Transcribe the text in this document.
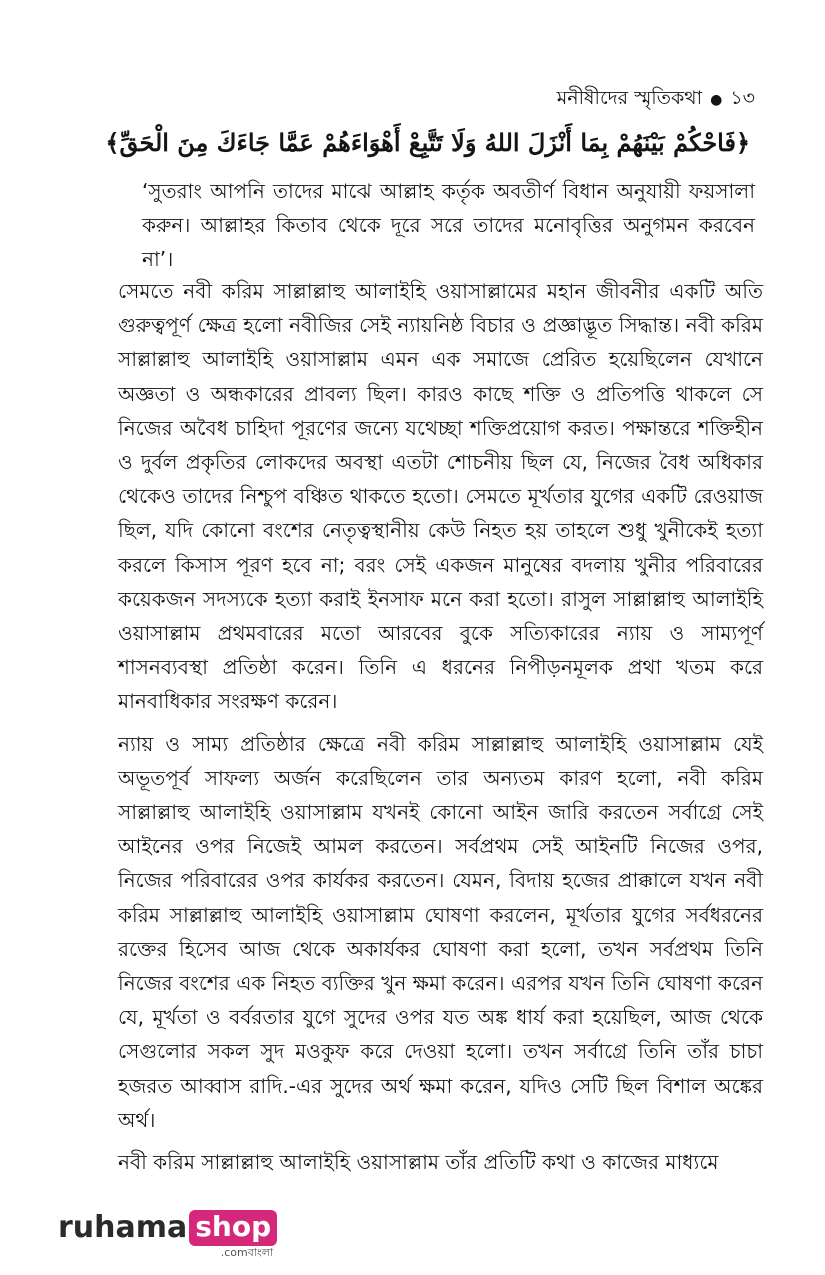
মনীষীদের স্মৃতিকথা ● ১৩
﴿فَاحْكُمْ بَيْنَهُمْ بِمَا أَنْزَلَ اللهُ وَلَا تَتَّبِعْ أَهْوَاءَهُمْ عَمَّا جَاءَكَ مِنَ الْحَقِّ﴾
‘সুতরাং আপনি তাদের মাঝে আল্লাহ কর্তৃক অবতীর্ণ বিধান অনুযায়ী ফয়সালা করুন। আল্লাহর কিতাব থেকে দূরে সরে তাদের মনোবৃত্তির অনুগমন করবেন না’।

সেমতে নবী করিম সাল্লাল্লাহু আলাইহি ওয়াসাল্লামের মহান জীবনীর একটি অতি গুরুত্বপূর্ণ ক্ষেত্র হলো নবীজির সেই ন্যায়নিষ্ঠ বিচার ও প্রজ্ঞাদ্ভূত সিদ্ধান্ত। নবী করিম সাল্লাল্লাহু আলাইহি ওয়াসাল্লাম এমন এক সমাজে প্রেরিত হয়েছিলেন যেখানে অজ্ঞতা ও অন্ধকারের প্রাবল্য ছিল। কারও কাছে শক্তি ও প্রতিপত্তি থাকলে সে নিজের অবৈধ চাহিদা পূরণের জন্যে যথেচ্ছা শক্তিপ্রয়োগ করত। পক্ষান্তরে শক্তিহীন ও দুর্বল প্রকৃতির লোকদের অবস্থা এতটা শোচনীয় ছিল যে, নিজের বৈধ অধিকার থেকেও তাদের নিশ্চুপ বঞ্চিত থাকতে হতো। সেমতে মূর্খতার যুগের একটি রেওয়াজ ছিল, যদি কোনো বংশের নেতৃত্বস্থানীয় কেউ নিহত হয় তাহলে শুধু খুনীকেই হত্যা করলে কিসাস পূরণ হবে না; বরং সেই একজন মানুষের বদলায় খুনীর পরিবারের কয়েকজন সদস্যকে হত্যা করাই ইনসাফ মনে করা হতো। রাসুল সাল্লাল্লাহু আলাইহি ওয়াসাল্লাম প্রথমবারের মতো আরবের বুকে সত্যিকারের ন্যায় ও সাম্যপূর্ণ শাসনব্যবস্থা প্রতিষ্ঠা করেন। তিনি এ ধরনের নিপীড়নমূলক প্রথা খতম করে মানবাধিকার সংরক্ষণ করেন।

ন্যায় ও সাম্য প্রতিষ্ঠার ক্ষেত্রে নবী করিম সাল্লাল্লাহু আলাইহি ওয়াসাল্লাম যেই অভূতপূর্ব সাফল্য অর্জন করেছিলেন তার অন্যতম কারণ হলো, নবী করিম সাল্লাল্লাহু আলাইহি ওয়াসাল্লাম যখনই কোনো আইন জারি করতেন সর্বাগ্রে সেই আইনের ওপর নিজেই আমল করতেন। সর্বপ্রথম সেই আইনটি নিজের ওপর, নিজের পরিবারের ওপর কার্যকর করতেন। যেমন, বিদায় হজের প্রাক্কালে যখন নবী করিম সাল্লাল্লাহু আলাইহি ওয়াসাল্লাম ঘোষণা করলেন, মূর্খতার যুগের সর্বধরনের রক্তের হিসেব আজ থেকে অকার্যকর ঘোষণা করা হলো, তখন সর্বপ্রথম তিনি নিজের বংশের এক নিহত ব্যক্তির খুন ক্ষমা করেন। এরপর যখন তিনি ঘোষণা করেন যে, মূর্খতা ও বর্বরতার যুগে সুদের ওপর যত অঙ্ক ধার্য করা হয়েছিল, আজ থেকে সেগুলোর সকল সুদ মওকুফ করে দেওয়া হলো। তখন সর্বাগ্রে তিনি তাঁর চাচা হজরত আব্বাস রাদি.-এর সুদের অর্থ ক্ষমা করেন, যদিও সেটি ছিল বিশাল অঙ্কের অর্থ।

নবী করিম সাল্লাল্লাহু আলাইহি ওয়াসাল্লাম তাঁর প্রতিটি কথা ও কাজের মাধ্যমে

ruhama shop
.comবাংলা
